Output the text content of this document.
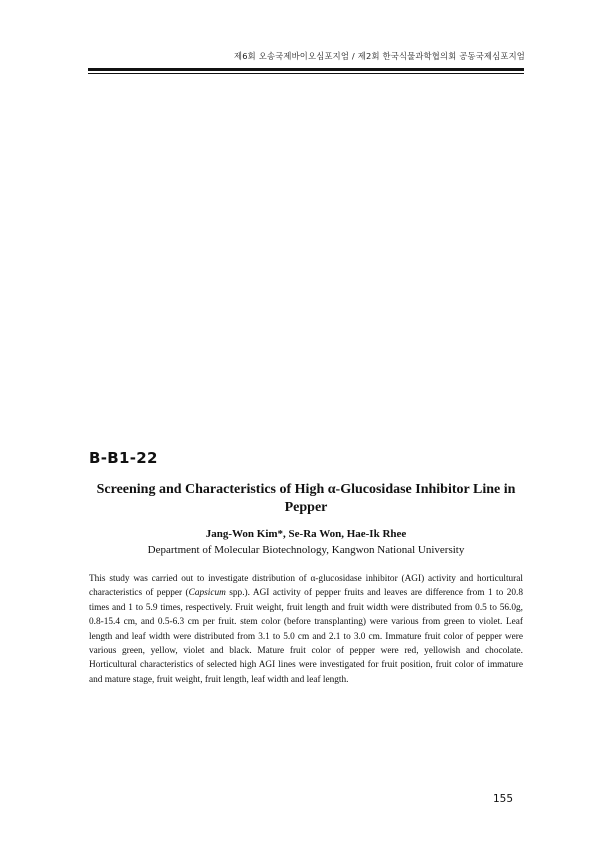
제6회 오송국제바이오심포지엄 / 제2회 한국식물과학협의회 공동국제심포지엄
B-B1-22
Screening and Characteristics of High α-Glucosidase Inhibitor Line in Pepper
Jang-Won Kim*, Se-Ra Won, Hae-Ik Rhee
Department of Molecular Biotechnology, Kangwon National University

This study was carried out to investigate distribution of α-glucosidase inhibitor (AGI) activity and horticultural characteristics of pepper (Capsicum spp.). AGI activity of pepper fruits and leaves are difference from 1 to 20.8 times and 1 to 5.9 times, respectively. Fruit weight, fruit length and fruit width were distributed from 0.5 to 56.0g, 0.8-15.4 cm, and 0.5-6.3 cm per fruit. stem color (before transplanting) were various from green to violet. Leaf length and leaf width were distributed from 3.1 to 5.0 cm and 2.1 to 3.0 cm. Immature fruit color of pepper were various green, yellow, violet and black. Mature fruit color of pepper were red, yellowish and chocolate. Horticultural characteristics of selected high AGI lines were investigated for fruit position, fruit color of immature and mature stage, fruit weight, fruit length, leaf width and leaf length.

155
